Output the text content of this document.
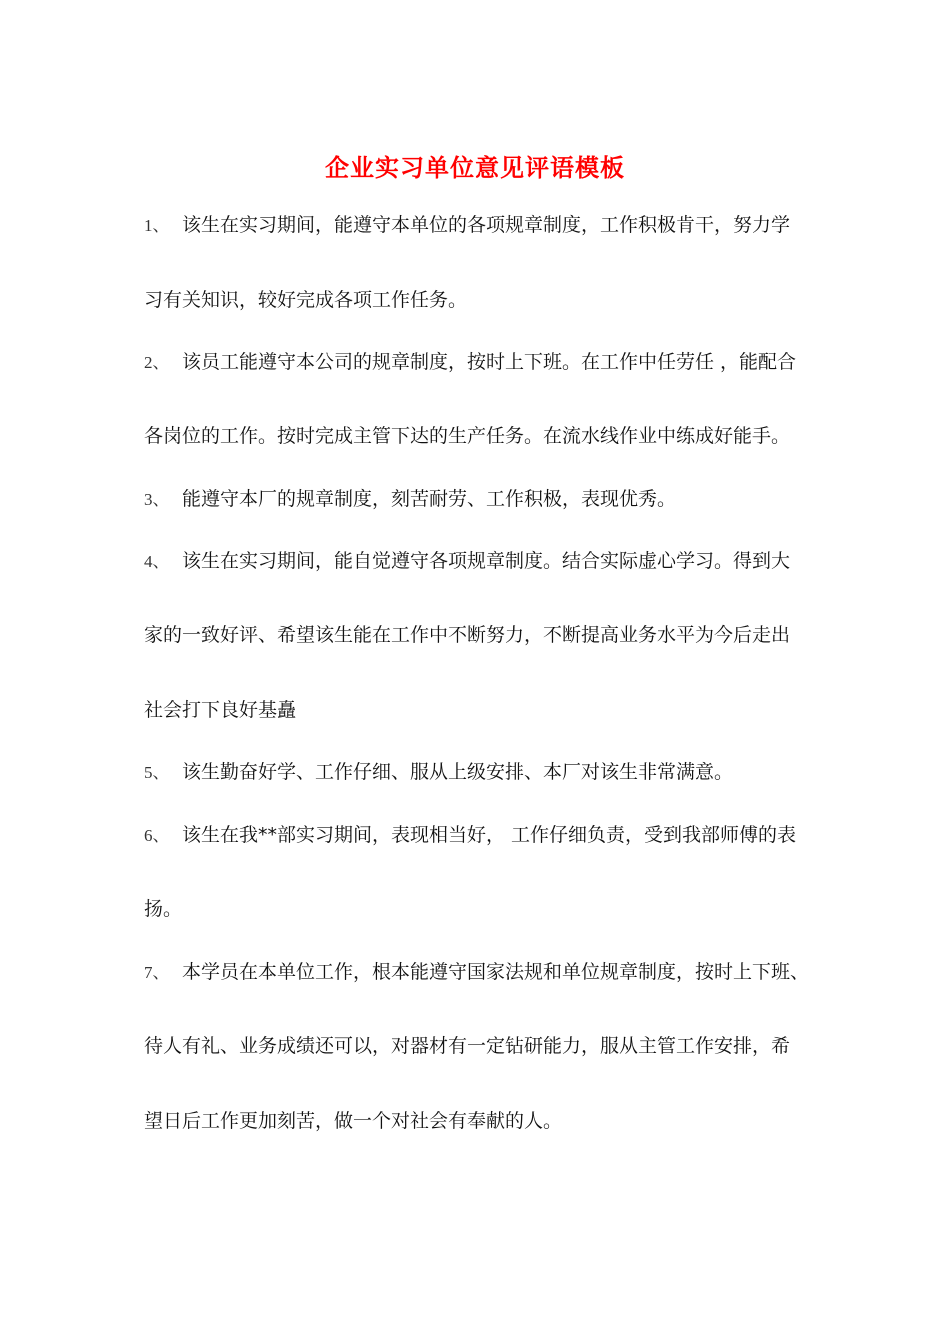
企业实习单位意见评语模板
1、 该生在实习期间，能遵守本单位的各项规章制度，工作积极肯干，努力学
习有关知识，较好完成各项工作任务。
2、 该员工能遵守本公司的规章制度，按时上下班。在工作中任劳任 ，能配合
各岗位的工作。按时完成主管下达的生产任务。在流水线作业中练成好能手。
3、 能遵守本厂的规章制度，刻苦耐劳、工作积极，表现优秀。
4、 该生在实习期间，能自觉遵守各项规章制度。结合实际虚心学习。得到大
家的一致好评、希望该生能在工作中不断努力，不断提高业务水平为今后走出
社会打下良好基矗
5、 该生勤奋好学、工作仔细、服从上级安排、本厂对该生非常满意。
6、 该生在我**部实习期间，表现相当好， 工作仔细负责，受到我部师傅的表
扬。
7、 本学员在本单位工作，根本能遵守国家法规和单位规章制度，按时上下班、
待人有礼、业务成绩还可以，对器材有一定钻研能力，服从主管工作安排，希
望日后工作更加刻苦，做一个对社会有奉献的人。
